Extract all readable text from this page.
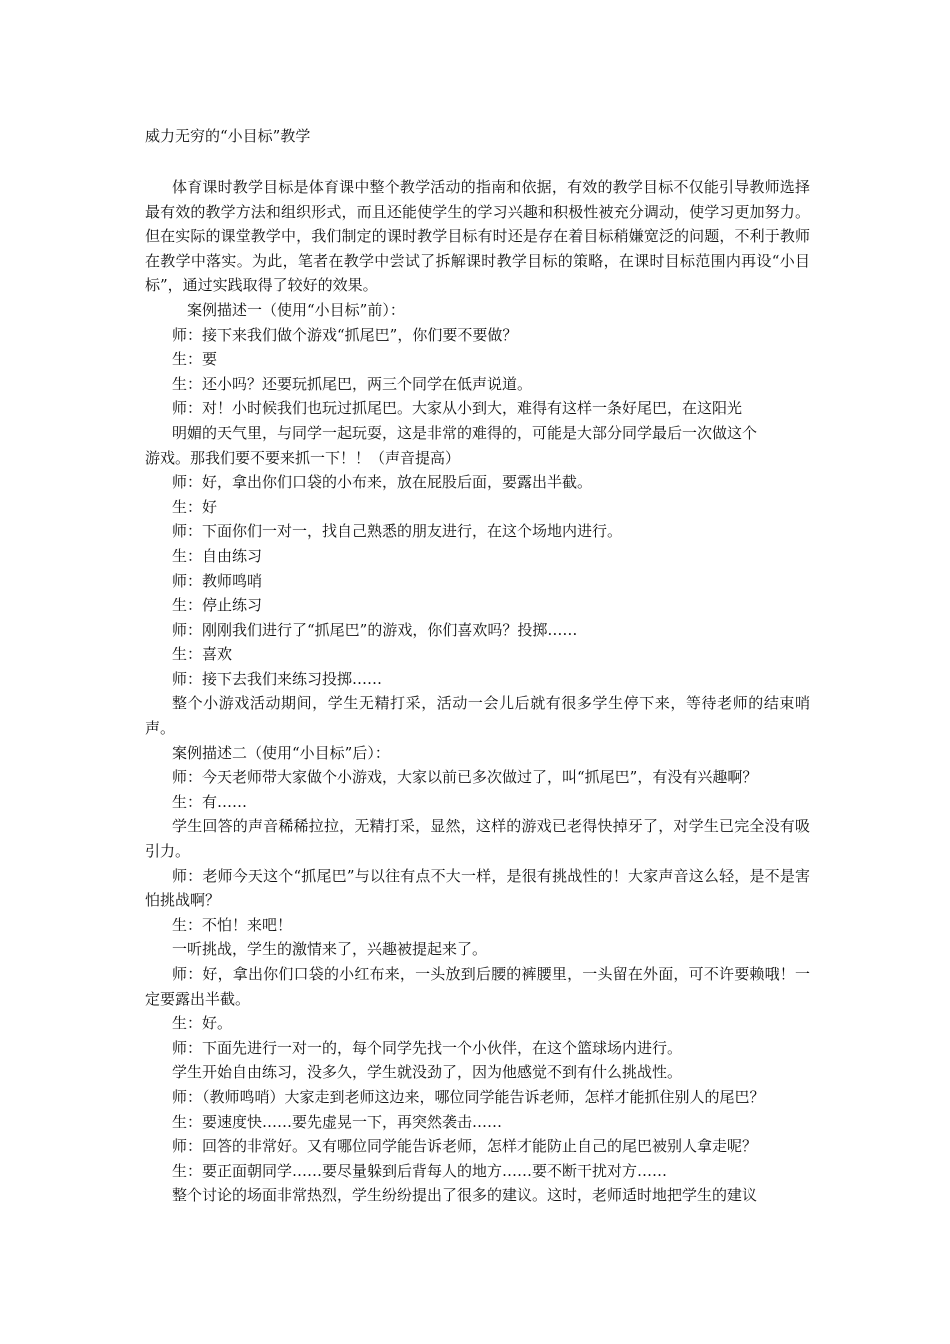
威力无穷的“小目标”教学

体育课时教学目标是体育课中整个教学活动的指南和依据，有效的教学目标不仅能引导教师选择最有效的教学方法和组织形式，而且还能使学生的学习兴趣和积极性被充分调动，使学习更加努力。但在实际的课堂教学中，我们制定的课时教学目标有时还是存在着目标稍嫌宽泛的问题，不利于教师在教学中落实。为此，笔者在教学中尝试了拆解课时教学目标的策略，在课时目标范围内再设“小目标”，通过实践取得了较好的效果。

案例描述一（使用“小目标”前）：

师：接下来我们做个游戏“抓尾巴”，你们要不要做？

生：要

生：还小吗？还要玩抓尾巴，两三个同学在低声说道。

师：对！小时候我们也玩过抓尾巴。大家从小到大，难得有这样一条好尾巴，在这阳光

明媚的天气里，与同学一起玩耍，这是非常的难得的，可能是大部分同学最后一次做这个

游戏。那我们要不要来抓一下！！（声音提高）

师：好，拿出你们口袋的小布来，放在屁股后面，要露出半截。

生：好

师：下面你们一对一，找自己熟悉的朋友进行，在这个场地内进行。

生：自由练习

师：教师鸣哨

生：停止练习

师：刚刚我们进行了“抓尾巴”的游戏，你们喜欢吗？投掷……

生：喜欢

师：接下去我们来练习投掷……

整个小游戏活动期间，学生无精打采，活动一会儿后就有很多学生停下来，等待老师的结束哨声。

案例描述二（使用“小目标”后）：

师：今天老师带大家做个小游戏，大家以前已多次做过了，叫“抓尾巴”，有没有兴趣啊？

生：有……

学生回答的声音稀稀拉拉，无精打采，显然，这样的游戏已老得快掉牙了，对学生已完全没有吸引力。

师：老师今天这个“抓尾巴”与以往有点不大一样，是很有挑战性的！大家声音这么轻，是不是害怕挑战啊？

生：不怕！来吧！

一听挑战，学生的激情来了，兴趣被提起来了。

师：好，拿出你们口袋的小红布来，一头放到后腰的裤腰里，一头留在外面，可不许要赖哦！一定要露出半截。

生：好。

师：下面先进行一对一的，每个同学先找一个小伙伴，在这个篮球场内进行。

学生开始自由练习，没多久，学生就没劲了，因为他感觉不到有什么挑战性。

师：（教师鸣哨）大家走到老师这边来，哪位同学能告诉老师，怎样才能抓住别人的尾巴？

生：要速度快……要先虚晃一下，再突然袭击……

师：回答的非常好。又有哪位同学能告诉老师，怎样才能防止自己的尾巴被别人拿走呢？

生：要正面朝同学……要尽量躲到后背每人的地方……要不断干扰对方……

整个讨论的场面非常热烈，学生纷纷提出了很多的建议。这时，老师适时地把学生的建议
